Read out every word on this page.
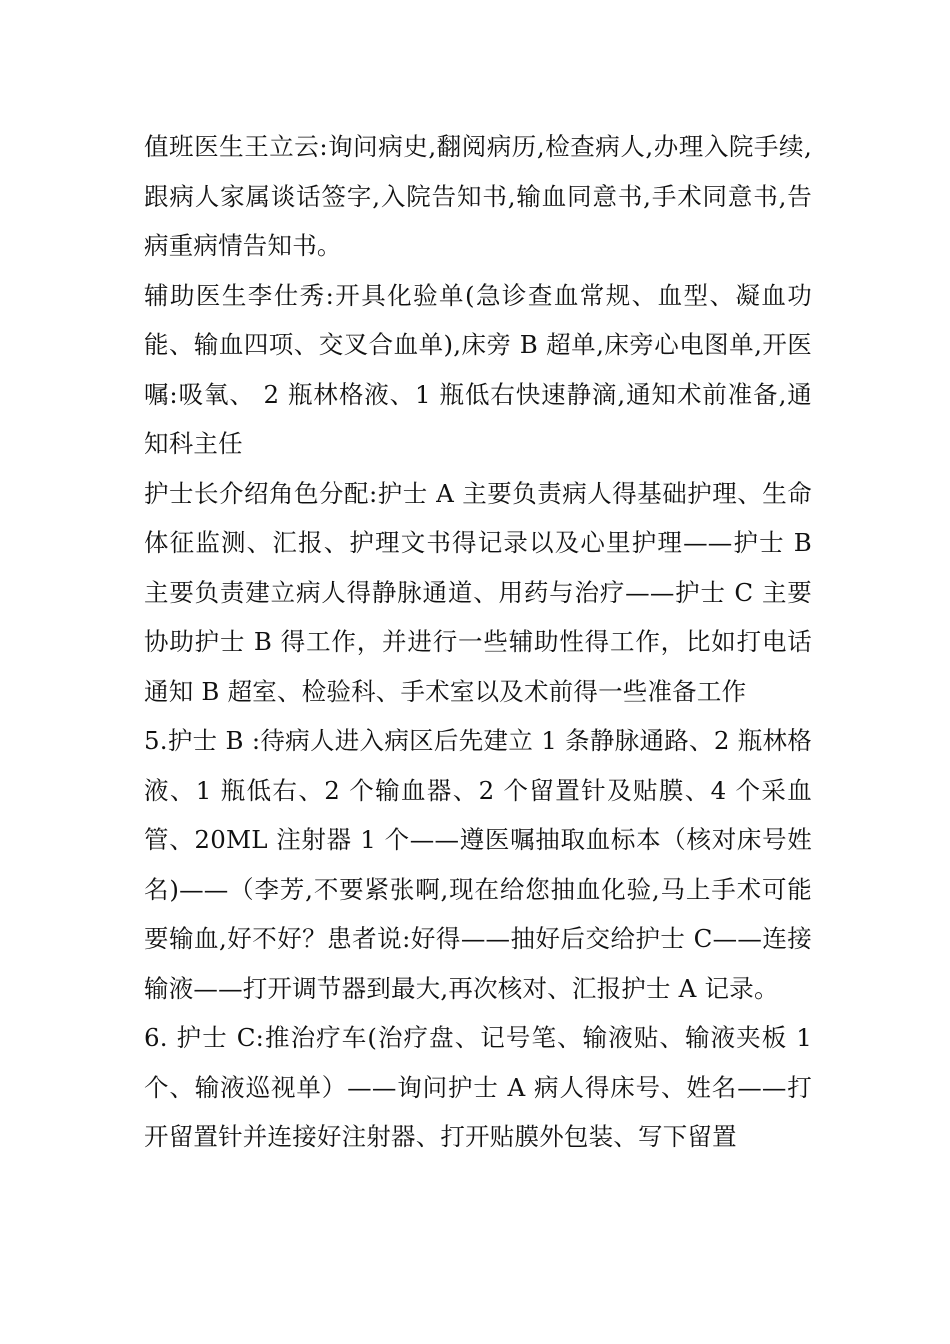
值班医生王立云:询问病史,翻阅病历,检查病人,办理入院手续,跟病人家属谈话签字,入院告知书,输血同意书,手术同意书,告病重病情告知书。

辅助医生李仕秀:开具化验单(急诊查血常规、血型、凝血功能、输血四项、交叉合血单),床旁 B 超单,床旁心电图单,开医嘱:吸氧、 2 瓶林格液、1 瓶低右快速静滴,通知术前准备,通知科主任

护士长介绍角色分配:护士 A 主要负责病人得基础护理、生命体征监测、汇报、护理文书得记录以及心里护理——护士 B 主要负责建立病人得静脉通道、用药与治疗——护士 C 主要协助护士 B 得工作，并进行一些辅助性得工作，比如打电话通知 B 超室、检验科、手术室以及术前得一些准备工作

5.护士 B :待病人进入病区后先建立 1 条静脉通路、2 瓶林格液、1 瓶低右、2 个输血器、2 个留置针及贴膜、4 个采血管、20ML 注射器 1 个——遵医嘱抽取血标本（核对床号姓名)——（李芳,不要紧张啊,现在给您抽血化验,马上手术可能要输血,好不好？患者说:好得——抽好后交给护士 C——连接输液——打开调节器到最大,再次核对、汇报护士 A 记录。

6. 护士 C:推治疗车(治疗盘、记号笔、输液贴、输液夹板 1 个、输液巡视单）——询问护士 A 病人得床号、姓名——打开留置针并连接好注射器、打开贴膜外包装、写下留置
